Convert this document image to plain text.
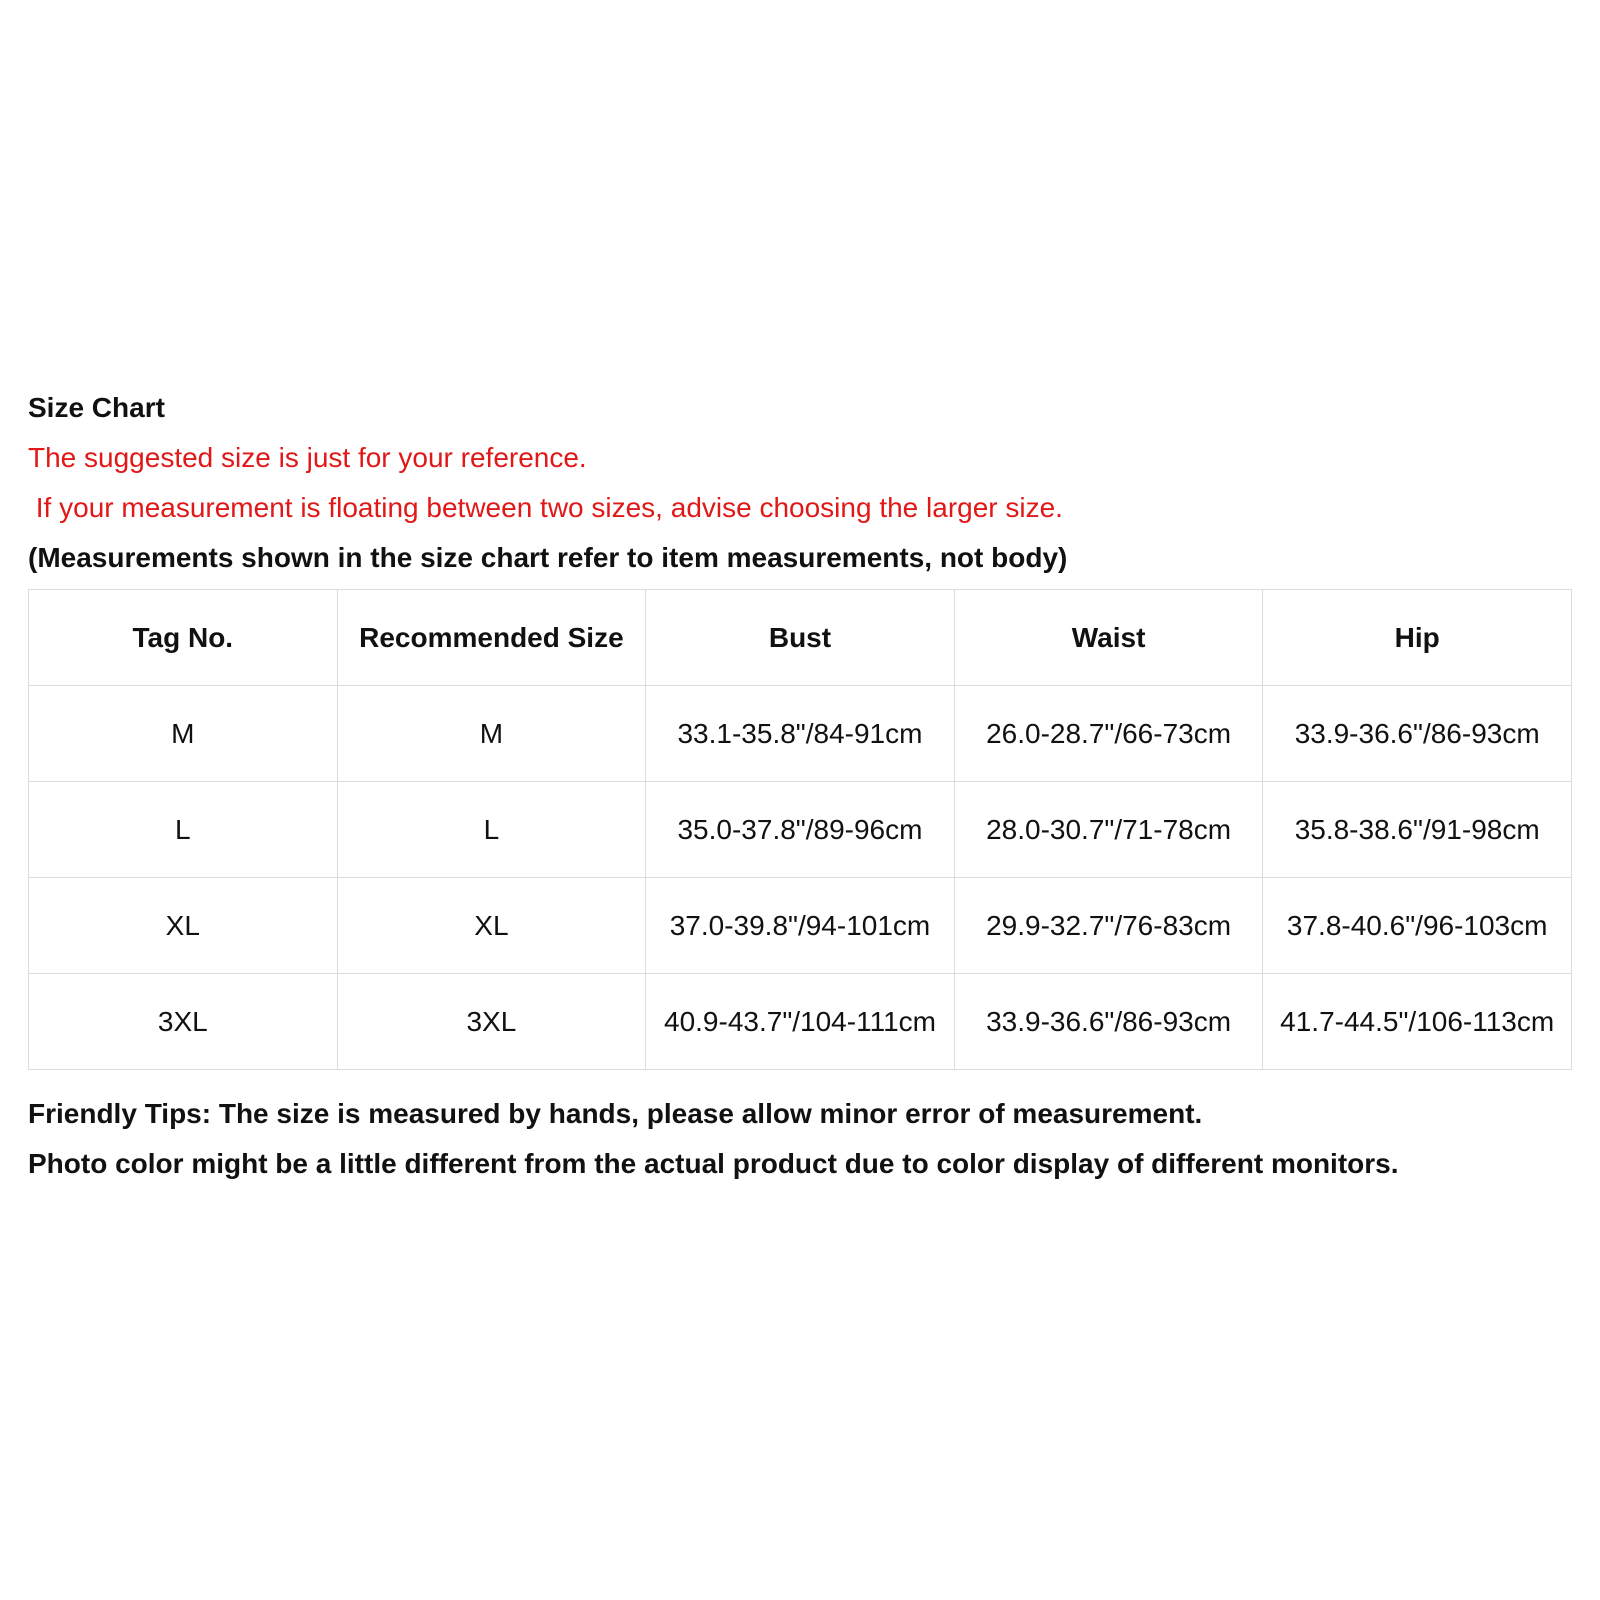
Size Chart
The suggested size is just for your reference.
If your measurement is floating between two sizes, advise choosing the larger size.
(Measurements shown in the size chart refer to item measurements, not body)
Tag No.	Recommended Size	Bust	Waist	Hip
M	M	33.1-35.8"/84-91cm	26.0-28.7"/66-73cm	33.9-36.6"/86-93cm
L	L	35.0-37.8"/89-96cm	28.0-30.7"/71-78cm	35.8-38.6"/91-98cm
XL	XL	37.0-39.8"/94-101cm	29.9-32.7"/76-83cm	37.8-40.6"/96-103cm
3XL	3XL	40.9-43.7"/104-111cm	33.9-36.6"/86-93cm	41.7-44.5"/106-113cm
Friendly Tips: The size is measured by hands, please allow minor error of measurement.
Photo color might be a little different from the actual product due to color display of different monitors.
